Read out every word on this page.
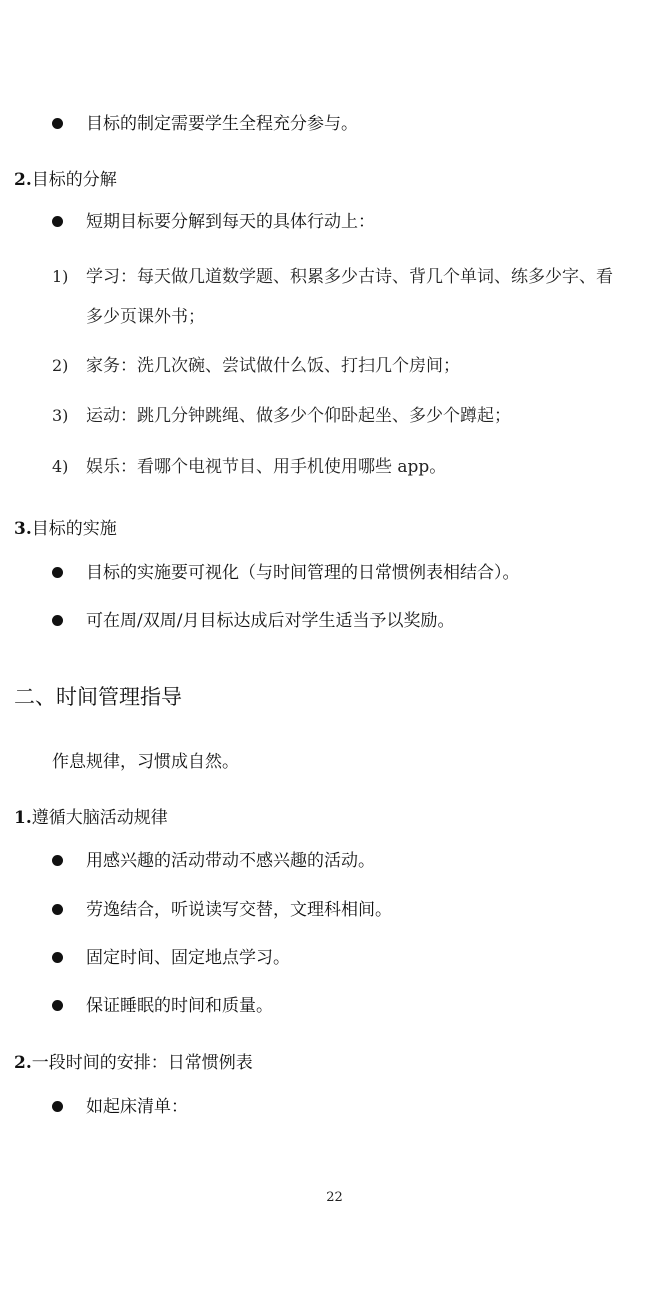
目标的制定需要学生全程充分参与。
2.目标的分解
短期目标要分解到每天的具体行动上：
1) 学习：每天做几道数学题、积累多少古诗、背几个单词、练多少字、看
多少页课外书；
2) 家务：洗几次碗、尝试做什么饭、打扫几个房间；
3) 运动：跳几分钟跳绳、做多少个仰卧起坐、多少个蹲起；
4) 娱乐：看哪个电视节目、用手机使用哪些 app。
3.目标的实施
目标的实施要可视化（与时间管理的日常惯例表相结合）。
可在周/双周/月目标达成后对学生适当予以奖励。
二、时间管理指导
作息规律，习惯成自然。
1.遵循大脑活动规律
用感兴趣的活动带动不感兴趣的活动。
劳逸结合，听说读写交替，文理科相间。
固定时间、固定地点学习。
保证睡眠的时间和质量。
2.一段时间的安排：日常惯例表
如起床清单：
22
